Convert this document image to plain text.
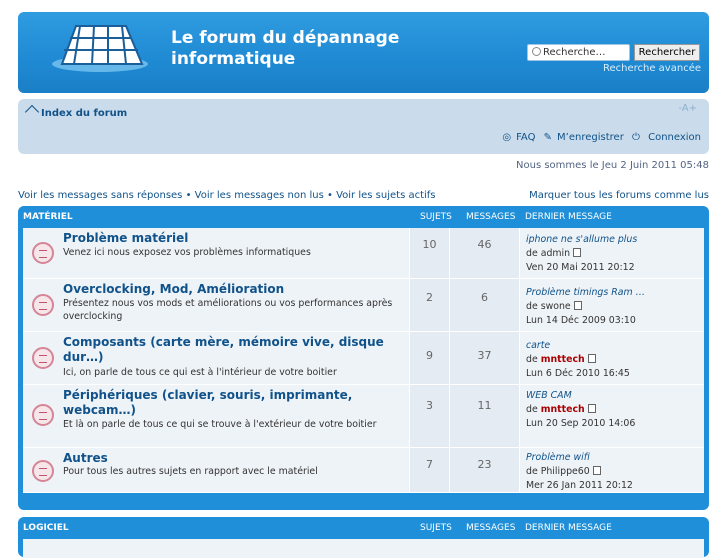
Le forum du dépannage
informatique	Recherche…	Rechercher
Recherche avancée
Index du forum	-A+
◎ FAQ ✎ M’enregistrer ⏻ Connexion
Nous sommes le Jeu 2 Juin 2011 05:48
Voir les messages sans réponses • Voir les messages non lus • Voir les sujets actifs	Marquer tous les forums comme lus
MATÉRIEL	SUJETS MESSAGES DERNIER MESSAGE
Problème matériel
Venez ici nous exposez vos problèmes informatiques
10	46	iphone ne s'allume plus
de admin
Ven 20 Mai 2011 20:12
Overclocking, Mod, Amélioration
Présentez nous vos mods et améliorations ou vos performances après overclocking
2	6	Problème timings Ram …
de swone
Lun 14 Déc 2009 03:10
Composants (carte mère, mémoire vive, disque dur…)
Ici, on parle de tous ce qui est à l'intérieur de votre boitier
9	37
carte
de mnttech
Lun 6 Déc 2010 16:45
Périphériques (clavier, souris, imprimante, webcam…)
Et là on parle de tous ce qui se trouve à l'extérieur de votre boitier
3	11
WEB CAM
de mnttech
Lun 20 Sep 2010 14:06
Autres
Pour tous les autres sujets en rapport avec le matériel
7	23
Problème wifi
de Philippe60
Mer 26 Jan 2011 20:12
LOGICIEL	SUJETS MESSAGES DERNIER MESSAGE
